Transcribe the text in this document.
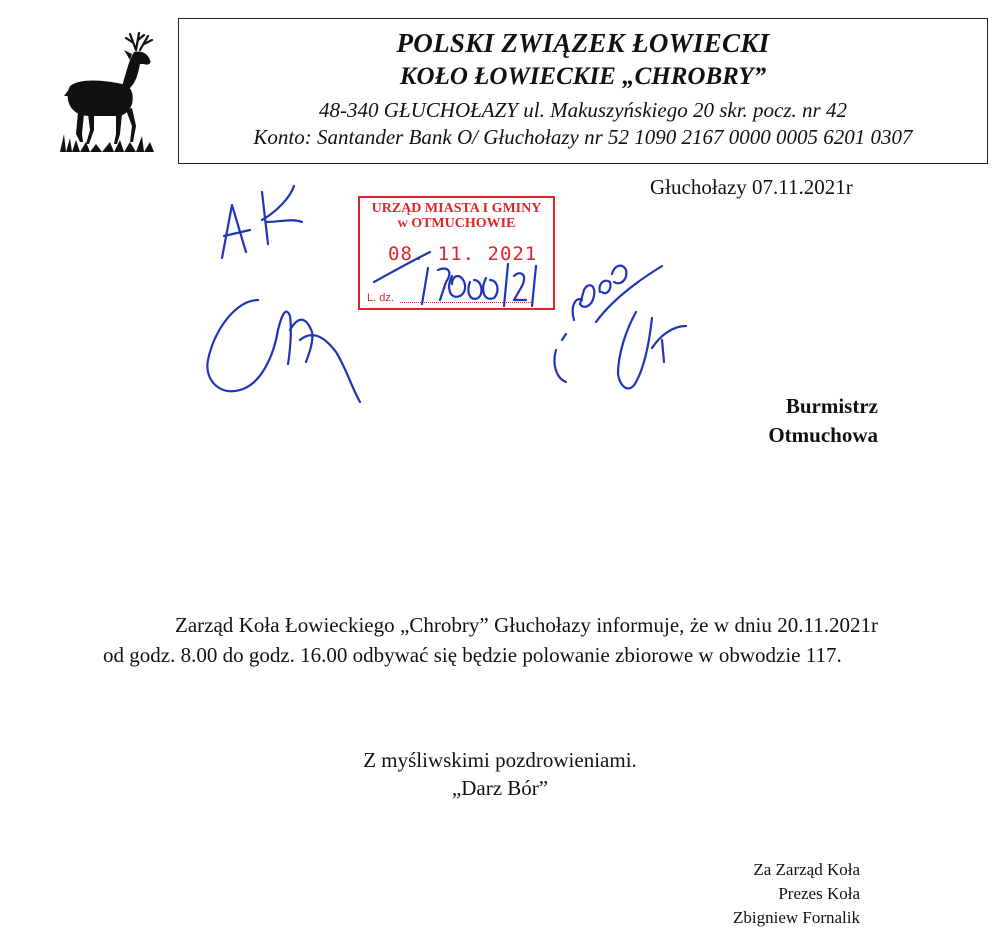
POLSKI ZWIĄZEK ŁOWIECKI
KOŁO ŁOWIECKIE „CHROBRY”
48-340 GŁUCHOŁAZY ul. Makuszyńskiego 20 skr. pocz. nr 42
Konto: Santander Bank O/ Głuchołazy nr 52 1090 2167 0000 0005 6201 0307
Głuchołazy 07.11.2021r
URZĄD MIASTA I GMINY
w OTMUCHOWIE
08. 11. 2021
L. dz.
Burmistrz
Otmuchowa
Zarząd Koła Łowieckiego „Chrobry” Głuchołazy informuje, że w dniu 20.11.2021r od godz. 8.00 do godz. 16.00 odbywać się będzie polowanie zbiorowe w obwodzie 117.
Z myśliwskimi pozdrowieniami.
„Darz Bór”
Za Zarząd Koła
Prezes Koła
Zbigniew Fornalik
